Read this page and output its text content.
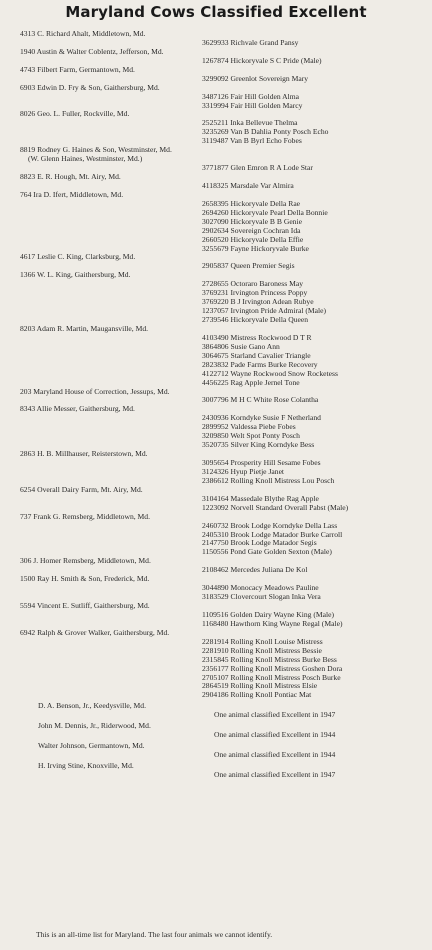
Maryland Cows Classified Excellent
4313 C. Richard Ahalt, Middletown, Md.
3629933 Richvale Grand Pansy
1940 Austin & Walter Coblentz, Jefferson, Md.
1267874 Hickoryvale S C Pride (Male)
4743 Filbert Farm, Germantown, Md.
3299092 Greenlot Sovereign Mary
6903 Edwin D. Fry & Son, Gaithersburg, Md.
3487126 Fair Hill Golden Alma
3319994 Fair Hill Golden Marcy
8026 Geo. L. Fuller, Rockville, Md.
2525211 Inka Bellevue Thelma
3235269 Van B Dahlia Ponty Posch Echo
3119487 Van B Byrl Echo Fobes
8819 Rodney G. Haines & Son, Westminster, Md.
(W. Glenn Haines, Westminster, Md.)
3771877 Glen Emron R A Lode Star
8823 E. R. Hough, Mt. Airy, Md.
4118325 Marsdale Var Almira
764 Ira D. Ifert, Middletown, Md.
2658395 Hickoryvale Della Rae
2694260 Hickoryvale Pearl Della Bonnie
3027090 Hickoryvale B B Genie
2902634 Sovereign Cochran Ida
2660520 Hickoryvale Della Effie
3255679 Fayne Hickoryvale Burke
4617 Leslie C. King, Clarksburg, Md.
2905837 Queen Premier Segis
1366 W. L. King, Gaithersburg, Md.
2728655 Octoraro Baroness May
3769231 Irvington Princess Poppy
3769220 B J Irvington Adean Rubye
1237057 Irvington Pride Admiral (Male)
2739546 Hickoryvale Della Queen
8203 Adam R. Martin, Maugansville, Md.
4103490 Mistress Rockwood D T R
3864806 Susie Gano Ann
3064675 Starland Cavalier Triangle
2823832 Pade Farms Burke Recovery
4122712 Wayne Rockwood Snow Rocketess
4456225 Rag Apple Jernel Tone
203 Maryland House of Correction, Jessups, Md.
3007796 M H C White Rose Colantha
8343 Allie Messer, Gaithersburg, Md.
2430936 Korndyke Susie F Netherland
2899952 Valdessa Piebe Fobes
3209850 Welt Spot Ponty Posch
3520735 Silver King Korndyke Bess
2863 H. B. Millhauser, Reisterstown, Md.
3095654 Prosperity Hill Sesame Fobes
3124326 Hyup Pietje Janet
2386612 Rolling Knoll Mistress Lou Posch
6254 Overall Dairy Farm, Mt. Airy, Md.
3104164 Massedale Blythe Rag Apple
1223092 Norvell Standard Overall Pabst (Male)
737 Frank G. Remsberg, Middletown, Md.
2460732 Brook Lodge Korndyke Della Lass
2405310 Brook Lodge Matador Burke Carroll
2147750 Brook Lodge Matador Segis
1150556 Pond Gate Golden Sexton (Male)
306 J. Homer Remsberg, Middletown, Md.
2108462 Mercedes Juliana De Kol
1500 Ray H. Smith & Son, Frederick, Md.
3044890 Monocacy Meadows Pauline
3183529 Clovercourt Slogan Inka Vera
5594 Vincent E. Sutliff, Gaithersburg, Md.
1109516 Golden Dairy Wayne King (Male)
1168480 Hawthorn King Wayne Regal (Male)
6942 Ralph & Grover Walker, Gaithersburg, Md.
2281914 Rolling Knoll Louise Mistress
2281910 Rolling Knoll Mistress Bessie
2315845 Rolling Knoll Mistress Burke Bess
2356177 Rolling Knoll Mistress Goshen Dora
2705107 Rolling Knoll Mistress Posch Burke
2864519 Rolling Knoll Mistress Elsie
2904186 Rolling Knoll Pontiac Mat
D. A. Benson, Jr., Keedysville, Md.
One animal classified Excellent in 1947
John M. Dennis, Jr., Riderwood, Md.
One animal classified Excellent in 1944
Walter Johnson, Germantown, Md.
One animal classified Excellent in 1944
H. Irving Stine, Knoxville, Md.
One animal classified Excellent in 1947
This is an all-time list for Maryland. The last four animals we cannot identify.
